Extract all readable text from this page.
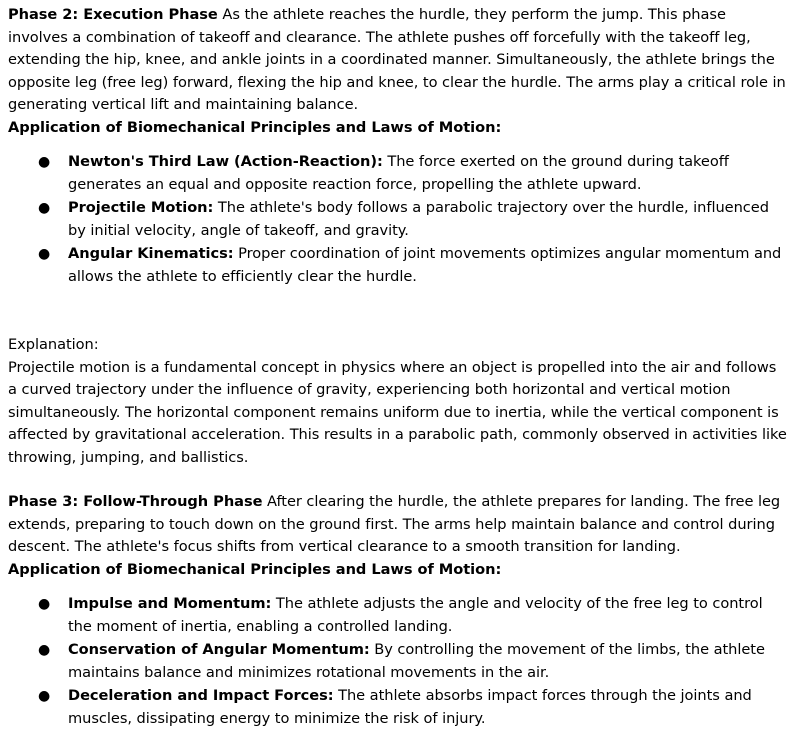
Phase 2: Execution Phase As the athlete reaches the hurdle, they perform the jump. This phase involves a combination of takeoff and clearance. The athlete pushes off forcefully with the takeoff leg, extending the hip, knee, and ankle joints in a coordinated manner. Simultaneously, the athlete brings the opposite leg (free leg) forward, flexing the hip and knee, to clear the hurdle. The arms play a critical role in generating vertical lift and maintaining balance.

Application of Biomechanical Principles and Laws of Motion:

● Newton's Third Law (Action-Reaction): The force exerted on the ground during takeoff generates an equal and opposite reaction force, propelling the athlete upward.
● Projectile Motion: The athlete's body follows a parabolic trajectory over the hurdle, influenced by initial velocity, angle of takeoff, and gravity.
● Angular Kinematics: Proper coordination of joint movements optimizes angular momentum and allows the athlete to efficiently clear the hurdle.

Explanation:

Projectile motion is a fundamental concept in physics where an object is propelled into the air and follows a curved trajectory under the influence of gravity, experiencing both horizontal and vertical motion simultaneously. The horizontal component remains uniform due to inertia, while the vertical component is affected by gravitational acceleration. This results in a parabolic path, commonly observed in activities like throwing, jumping, and ballistics.

Phase 3: Follow-Through Phase After clearing the hurdle, the athlete prepares for landing. The free leg extends, preparing to touch down on the ground first. The arms help maintain balance and control during descent. The athlete's focus shifts from vertical clearance to a smooth transition for landing.

Application of Biomechanical Principles and Laws of Motion:

● Impulse and Momentum: The athlete adjusts the angle and velocity of the free leg to control the moment of inertia, enabling a controlled landing.
● Conservation of Angular Momentum: By controlling the movement of the limbs, the athlete maintains balance and minimizes rotational movements in the air.
● Deceleration and Impact Forces: The athlete absorbs impact forces through the joints and muscles, dissipating energy to minimize the risk of injury.
